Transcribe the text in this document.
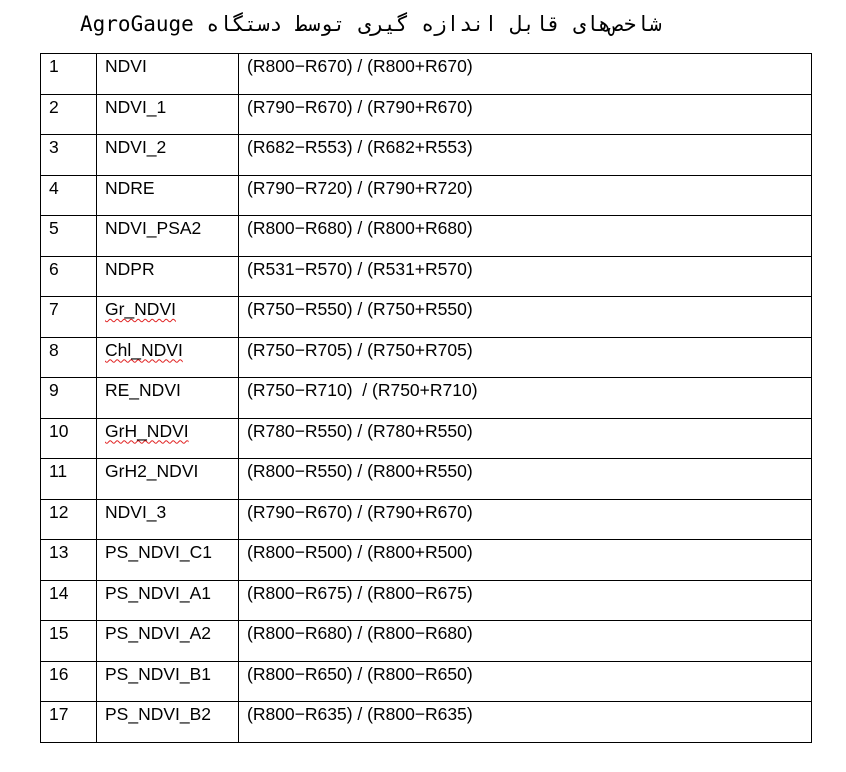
شاخص‌های قابل اندازه گیری توسط دستگاه AgroGauge
1	NDVI	(R800−R670) / (R800+R670)
2	NDVI_1	(R790−R670) / (R790+R670)
3	NDVI_2	(R682−R553) / (R682+R553)
4	NDRE	(R790−R720) / (R790+R720)
5	NDVI_PSA2	(R800−R680) / (R800+R680)
6	NDPR	(R531−R570) / (R531+R570)
7	Gr_NDVI	(R750−R550) / (R750+R550)
8	Chl_NDVI	(R750−R705) / (R750+R705)
9	RE_NDVI	(R750−R710)  / (R750+R710)
10	GrH_NDVI	(R780−R550) / (R780+R550)
11	GrH2_NDVI	(R800−R550) / (R800+R550)
12	NDVI_3	(R790−R670) / (R790+R670)
13	PS_NDVI_C1	(R800−R500) / (R800+R500)
14	PS_NDVI_A1	(R800−R675) / (R800−R675)
15	PS_NDVI_A2	(R800−R680) / (R800−R680)
16	PS_NDVI_B1	(R800−R650) / (R800−R650)
17	PS_NDVI_B2	(R800−R635) / (R800−R635)
